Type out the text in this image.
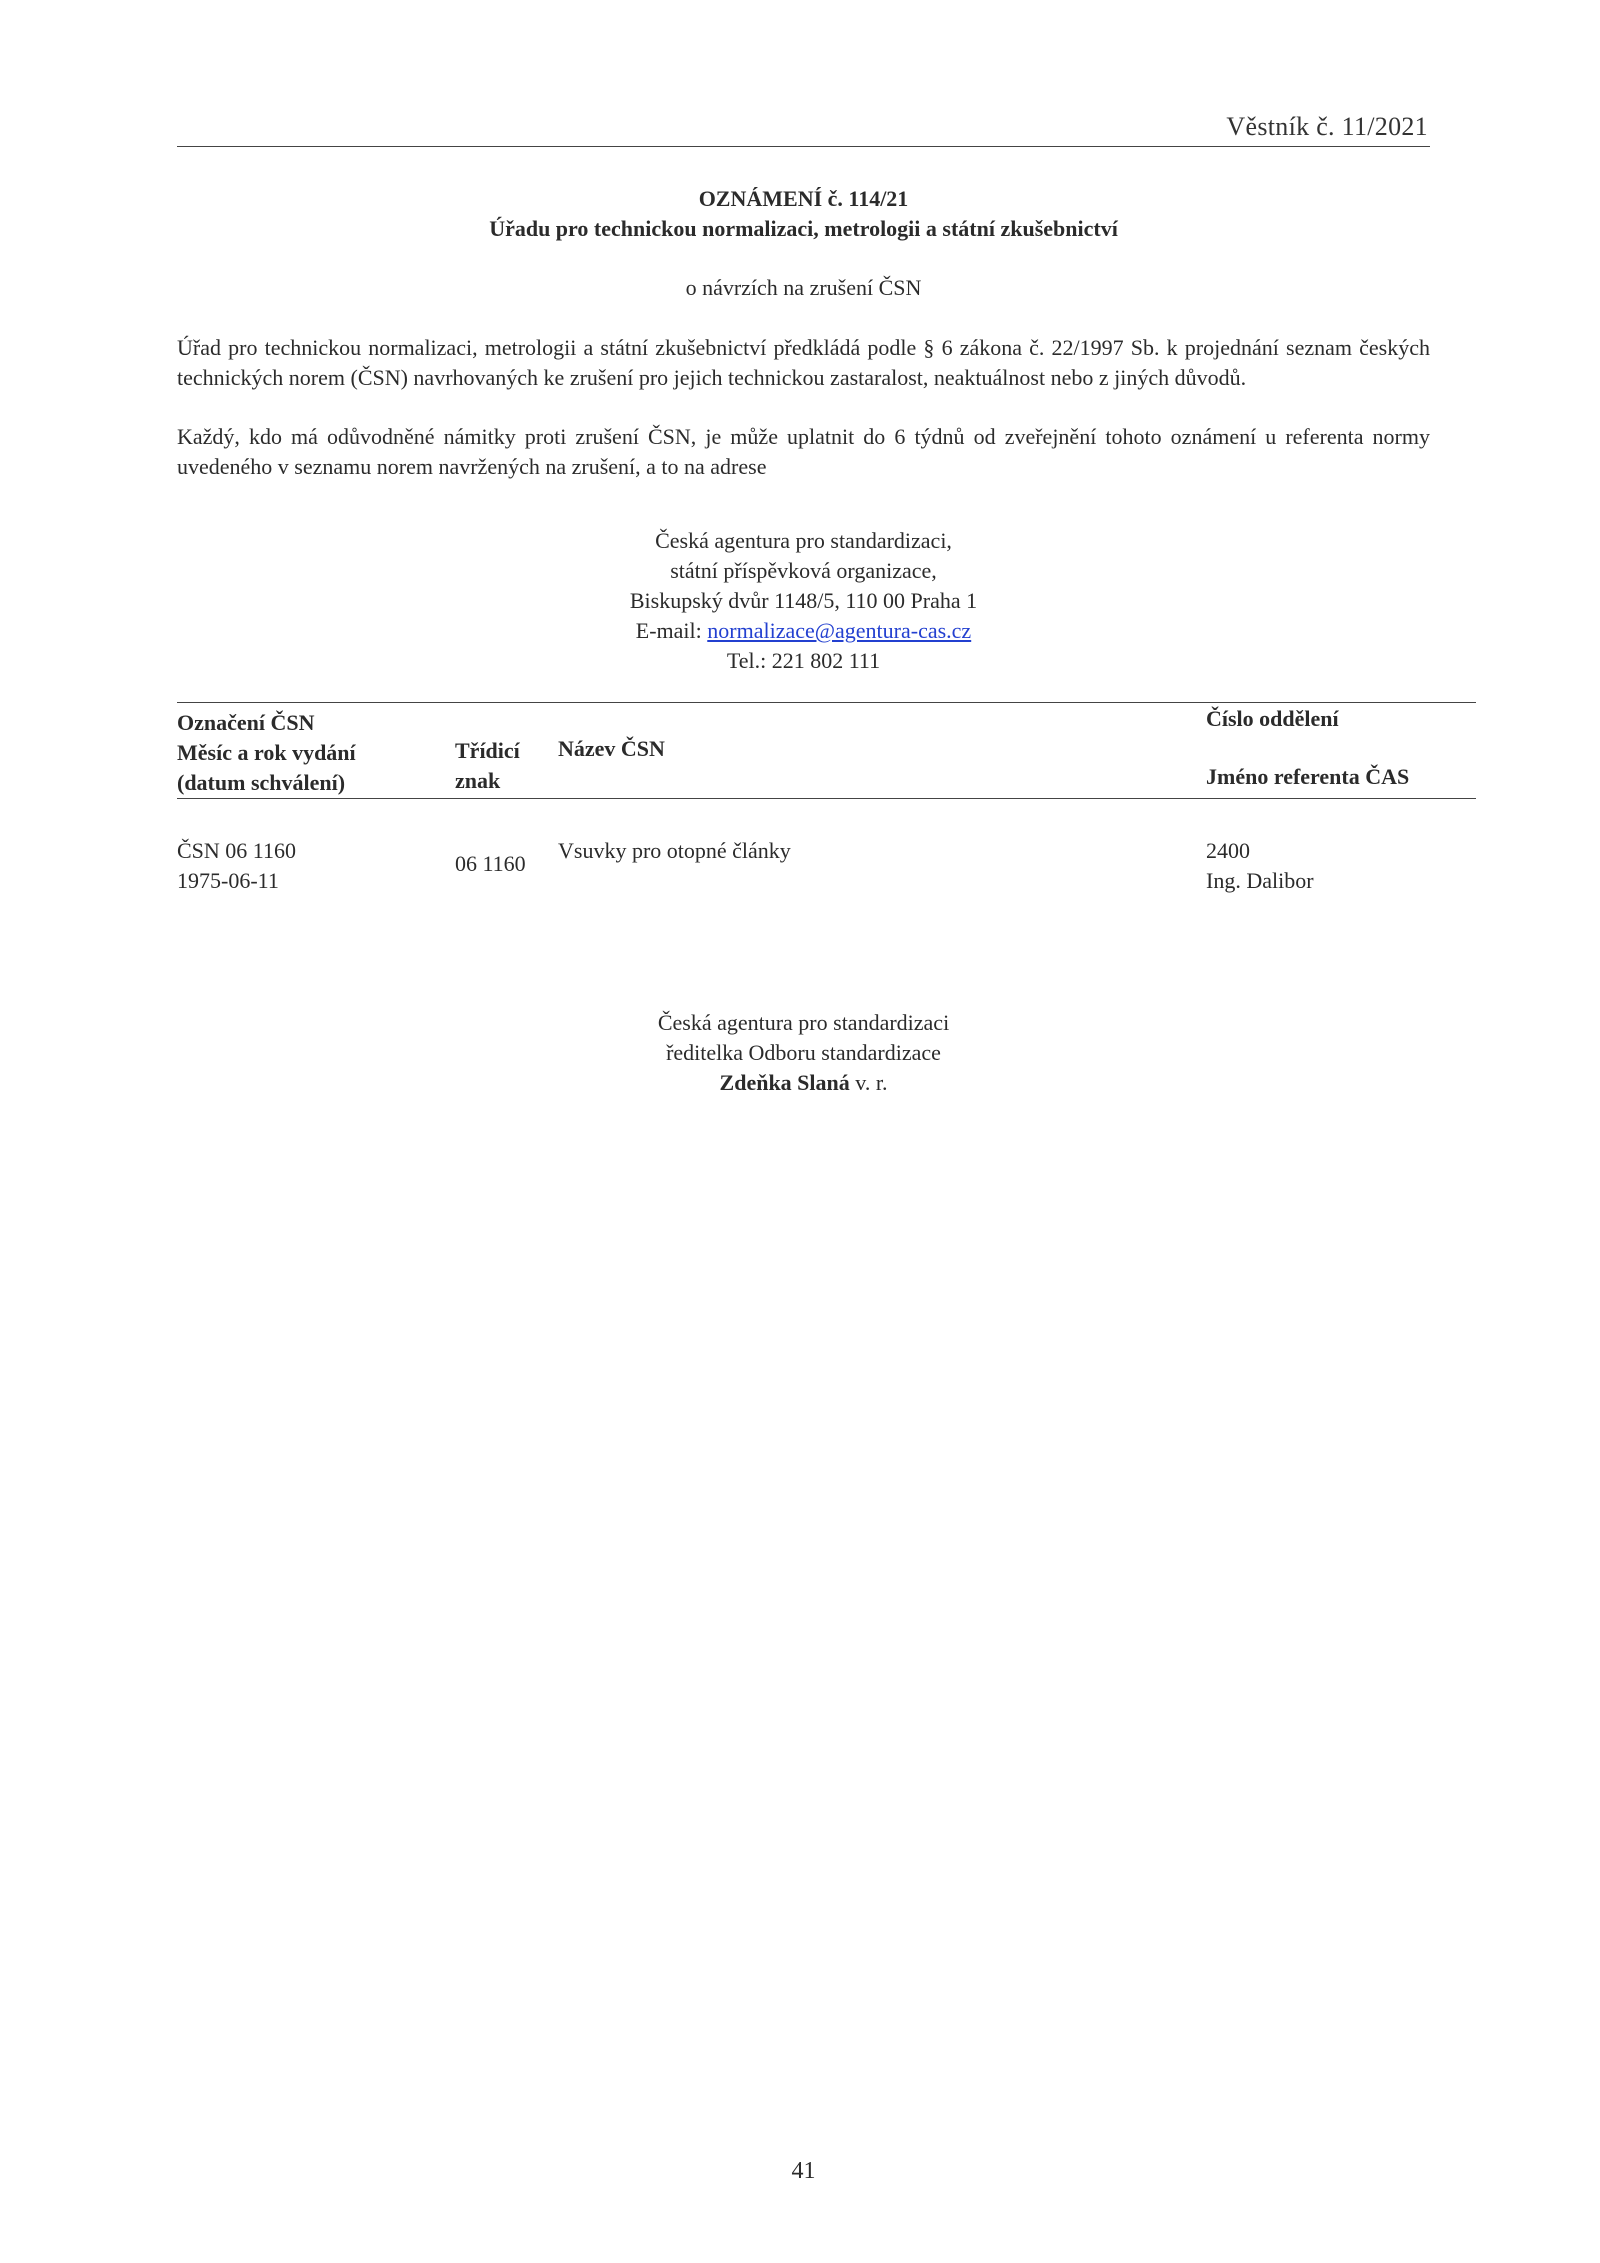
Věstník č. 11/2021
OZNÁMENÍ č. 114/21
Úřadu pro technickou normalizaci, metrologii a státní zkušebnictví
o návrzích na zrušení ČSN
Úřad pro technickou normalizaci, metrologii a státní zkušebnictví předkládá podle § 6 zákona č. 22/1997 Sb. k projednání seznam českých technických norem (ČSN) navrhovaných ke zrušení pro jejich technickou zastaralost, neaktuálnost nebo z jiných důvodů.
Každý, kdo má odůvodněné námitky proti zrušení ČSN, je může uplatnit do 6 týdnů od zveřejnění tohoto oznámení u referenta normy uvedeného v seznamu norem navržených na zrušení, a to na adrese
Česká agentura pro standardizaci,
státní příspěvková organizace,
Biskupský dvůr 1148/5, 110 00 Praha 1
E-mail: normalizace@agentura-cas.cz
Tel.: 221 802 111
Označení ČSN
Měsíc a rok vydání
(datum schválení)
Třídicí
znak
Název ČSN
Číslo oddělení
Jméno referenta ČAS
ČSN 06 1160
1975-06-11
06 1160
Vsuvky pro otopné články	2400
Ing. Dalibor
Česká agentura pro standardizaci
ředitelka Odboru standardizace
Zdeňka Slaná v. r.
41
